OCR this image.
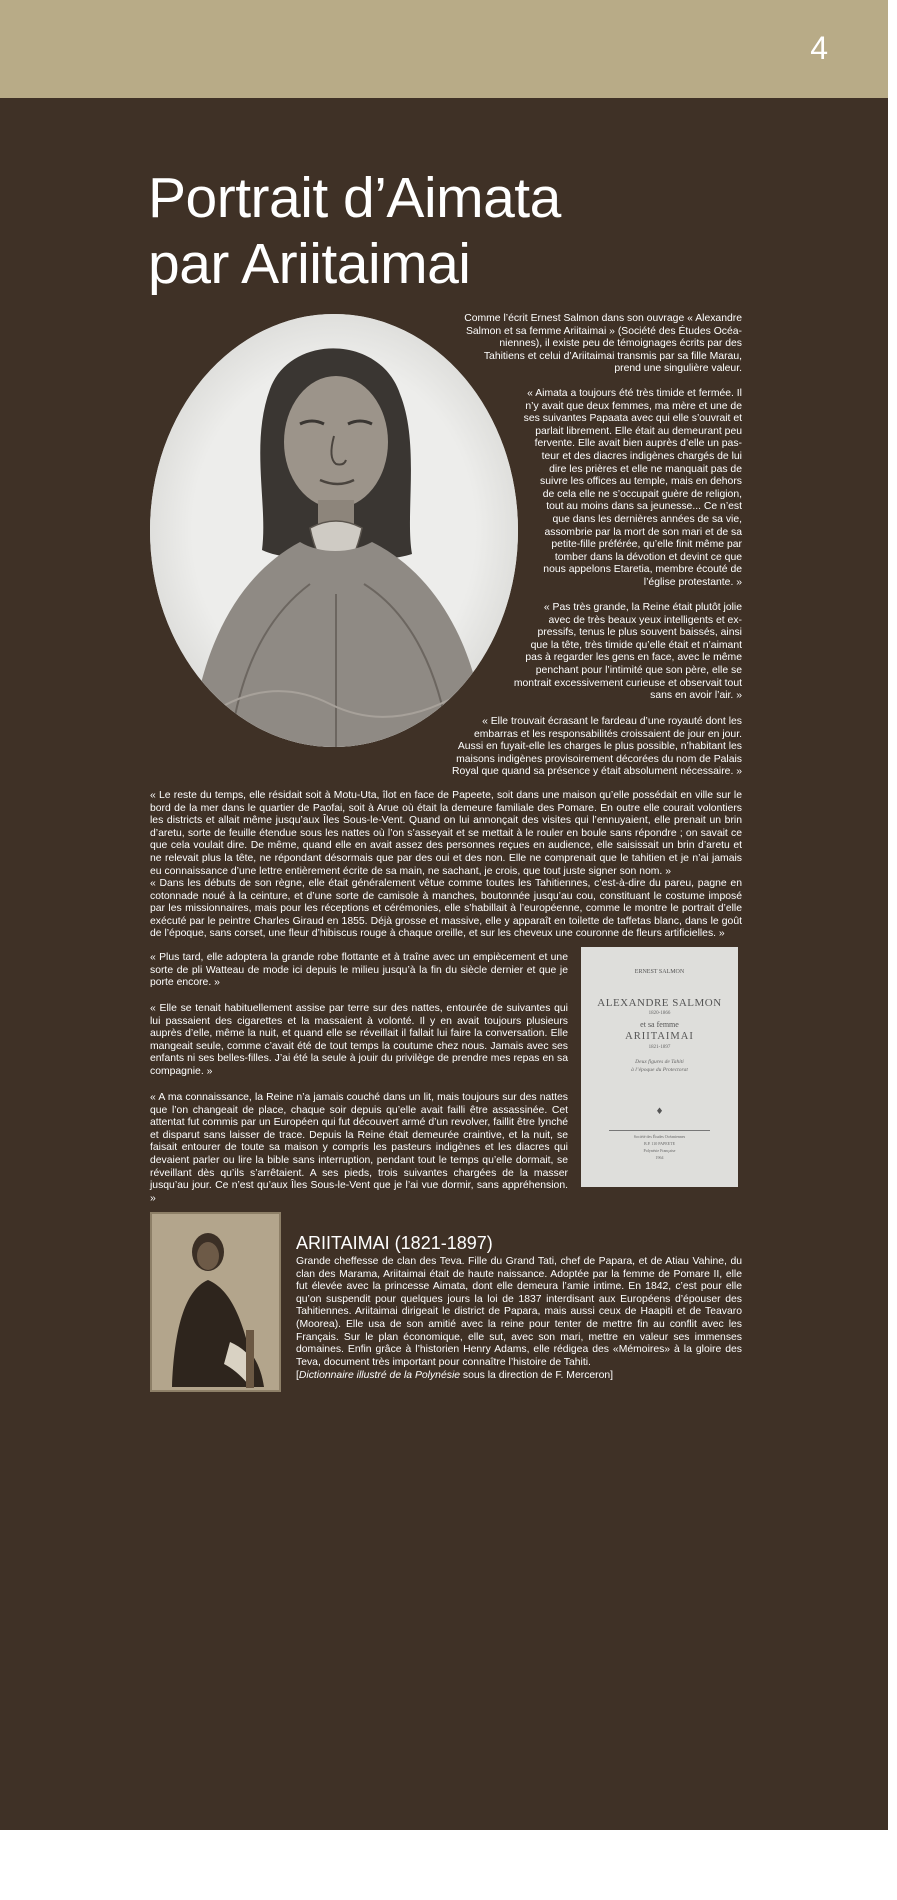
4
Portrait d’Aimata
par Ariitaimai

Comme l’écrit Ernest Salmon dans son ouvrage « Alexandre
Salmon et sa femme Ariitaimai » (Société des Études Océa-
niennes), il existe peu de témoignages écrits par des
Tahitiens et celui d’Ariitaimai transmis par sa fille Marau,
prend une singulière valeur.

« Aimata a toujours été très timide et fermée. Il
n’y avait que deux femmes, ma mère et une de
ses suivantes Papaata avec qui elle s’ouvrait et
parlait librement. Elle était au demeurant peu
fervente. Elle avait bien auprès d’elle un pas-
teur et des diacres indigènes chargés de lui
dire les prières et elle ne manquait pas de
suivre les offices au temple, mais en dehors
de cela elle ne s’occupait guère de religion,
tout au moins dans sa jeunesse... Ce n’est
que dans les dernières années de sa vie,
assombrie par la mort de son mari et de sa
petite-fille préférée, qu’elle finit même par
tomber dans la dévotion et devint ce que
nous appelons Etaretia, membre écouté de
l’église protestante. »

« Pas très grande, la Reine était plutôt jolie
avec de très beaux yeux intelligents et ex-
pressifs, tenus le plus souvent baissés, ainsi
que la tête, très timide qu’elle était et n’aimant
pas à regarder les gens en face, avec le même
penchant pour l’intimité que son père, elle se
montrait excessivement curieuse et observait tout
sans en avoir l’air. »

« Elle trouvait écrasant le fardeau d’une royauté dont les
embarras et les responsabilités croissaient de jour en jour.
Aussi en fuyait-elle les charges le plus possible, n’habitant les
maisons indigènes provisoirement décorées du nom de Palais
Royal que quand sa présence y était absolument nécessaire. »

« Le reste du temps, elle résidait soit à Motu-Uta, îlot en face de Papeete, soit dans une maison qu’elle possédait en ville sur le bord de la mer dans le quartier de Paofai, soit à Arue où était la demeure familiale des Pomare. En outre elle courait volontiers les districts et allait même jusqu’aux Îles Sous-le-Vent. Quand on lui annonçait des visites qui l’ennuyaient, elle prenait un brin d’aretu, sorte de feuille étendue sous les nattes où l’on s’asseyait et se mettait à le rouler en boule sans répondre ; on savait ce que cela voulait dire. De même, quand elle en avait assez des personnes reçues en audience, elle saisissait un brin d’aretu et ne relevait plus la tête, ne répondant désormais que par des oui et des non. Elle ne comprenait que le tahitien et je n’ai jamais eu connaissance d’une lettre entièrement écrite de sa main, ne sachant, je crois, que tout juste signer son nom. »

« Dans les débuts de son règne, elle était généralement vêtue comme toutes les Tahitiennes, c’est-à-dire du pareu, pagne en cotonnade noué à la ceinture, et d’une sorte de camisole à manches, boutonnée jusqu’au cou, constituant le costume imposé par les missionnaires, mais pour les réceptions et cérémonies, elle s’habillait à l’européenne, comme le montre le portrait d’elle exécuté par le peintre Charles Giraud en 1855. Déjà grosse et massive, elle y apparaît en toilette de taffetas blanc, dans le goût de l’époque, sans corset, une fleur d’hibiscus rouge à chaque oreille, et sur les cheveux une couronne de fleurs artificielles. »

« Plus tard, elle adoptera la grande robe flottante et à traîne avec un empiècement et une sorte de pli Watteau de mode ici depuis le milieu jusqu’à la fin du siècle dernier et que je porte encore. »

« Elle se tenait habituellement assise par terre sur des nattes, entourée de suivantes qui lui passaient des cigarettes et la massaient à volonté. Il y en avait toujours plusieurs auprès d’elle, même la nuit, et quand elle se réveillait il fallait lui faire la conversation. Elle mangeait seule, comme c’avait été de tout temps la coutume chez nous. Jamais avec ses enfants ni ses belles-filles. J’ai été la seule à jouir du privilège de prendre mes repas en sa compagnie. »

« A ma connaissance, la Reine n’a jamais couché dans un lit, mais toujours sur des nattes que l’on changeait de place, chaque soir depuis qu’elle avait failli être assassinée. Cet attentat fut commis par un Européen qui fut découvert armé d’un revolver, faillit être lynché et disparut sans laisser de trace. Depuis la Reine était demeurée craintive, et la nuit, se faisait entourer de toute sa maison y compris les pasteurs indigènes et les diacres qui devaient parler ou lire la bible sans interruption, pendant tout le temps qu’elle dormait, se réveillant dès qu’ils s’arrêtaient. A ses pieds, trois suivantes chargées de la masser jusqu’au jour. Ce n’est qu’aux Îles Sous-le-Vent que je l’ai vue dormir, sans appréhension. »

ERNEST SALMON
ALEXANDRE SALMON
1820-1866
et sa femme
ARIITAIMAI
1821-1897
Deux figures de Tahiti
à l’époque du Protectorat
♦
Société des Études Océaniennes
B.P. 110 PAPEETE
Polynésie Française
1964
ARIITAIMAI (1821-1897)

Grande cheffesse de clan des Teva. Fille du Grand Tati, chef de Papara, et de Atiau Vahine, du clan des Marama, Ariitaimai était de haute naissance. Adoptée par la femme de Pomare II, elle fut élevée avec la princesse Aimata, dont elle demeura l’amie intime. En 1842, c’est pour elle qu’on suspendit pour quelques jours la loi de 1837 interdisant aux Européens d’épouser des Tahitiennes. Ariitaimai dirigeait le district de Papara, mais aussi ceux de Haapiti et de Teavaro (Moorea). Elle usa de son amitié avec la reine pour tenter de mettre fin au conflit avec les Français. Sur le plan économique, elle sut, avec son mari, mettre en valeur ses immenses domaines. Enfin grâce à l’historien Henry Adams, elle rédigea des «Mémoires» à la gloire des Teva, document très important pour connaître l’histoire de Tahiti.

[Dictionnaire illustré de la Polynésie sous la direction de F. Merceron]
